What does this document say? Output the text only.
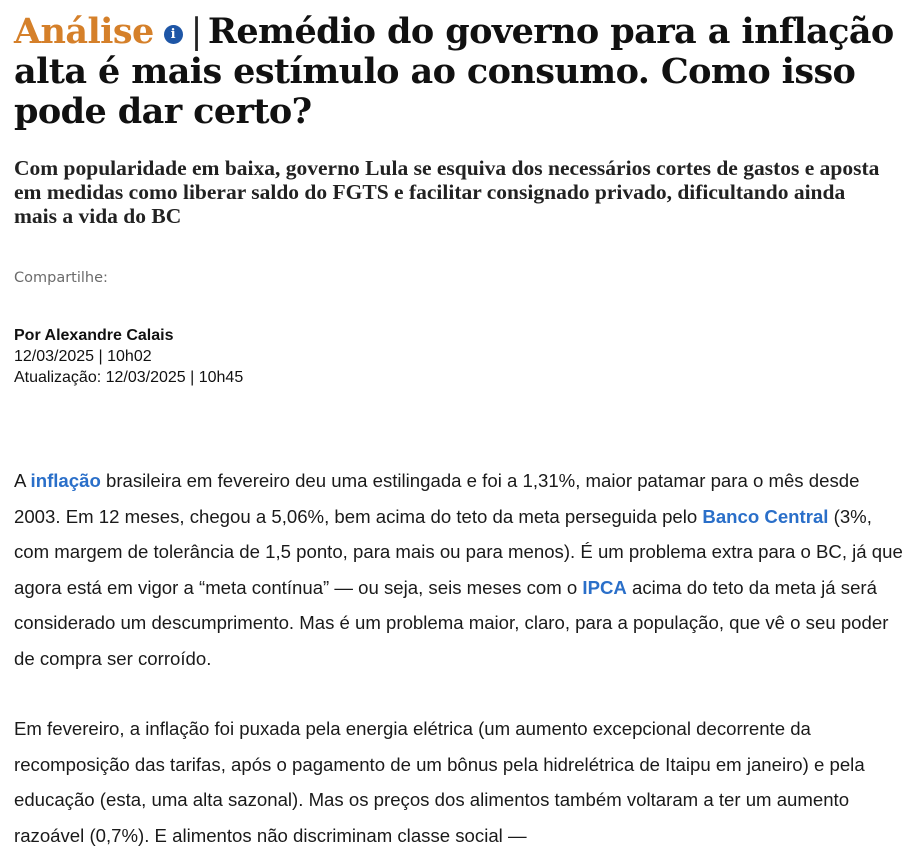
Análise i | Remédio do governo para a inflação alta é mais estímulo ao consumo. Como isso pode dar certo?
Com popularidade em baixa, governo Lula se esquiva dos necessários cortes de gastos e aposta em medidas como liberar saldo do FGTS e facilitar consignado privado, dificultando ainda mais a vida do BC
Compartilhe:
Por Alexandre Calais
12/03/2025 | 10h02
Atualização: 12/03/2025 | 10h45

A inflação brasileira em fevereiro deu uma estilingada e foi a 1,31%, maior patamar para o mês desde 2003. Em 12 meses, chegou a 5,06%, bem acima do teto da meta perseguida pelo Banco Central (3%, com margem de tolerância de 1,5 ponto, para mais ou para menos). É um problema extra para o BC, já que agora está em vigor a “meta contínua” — ou seja, seis meses com o IPCA acima do teto da meta já será considerado um descumprimento. Mas é um problema maior, claro, para a população, que vê o seu poder de compra ser corroído.

Em fevereiro, a inflação foi puxada pela energia elétrica (um aumento excepcional decorrente da recomposição das tarifas, após o pagamento de um bônus pela hidrelétrica de Itaipu em janeiro) e pela educação (esta, uma alta sazonal). Mas os preços dos alimentos também voltaram a ter um aumento razoável (0,7%). E alimentos não discriminam classe social —
